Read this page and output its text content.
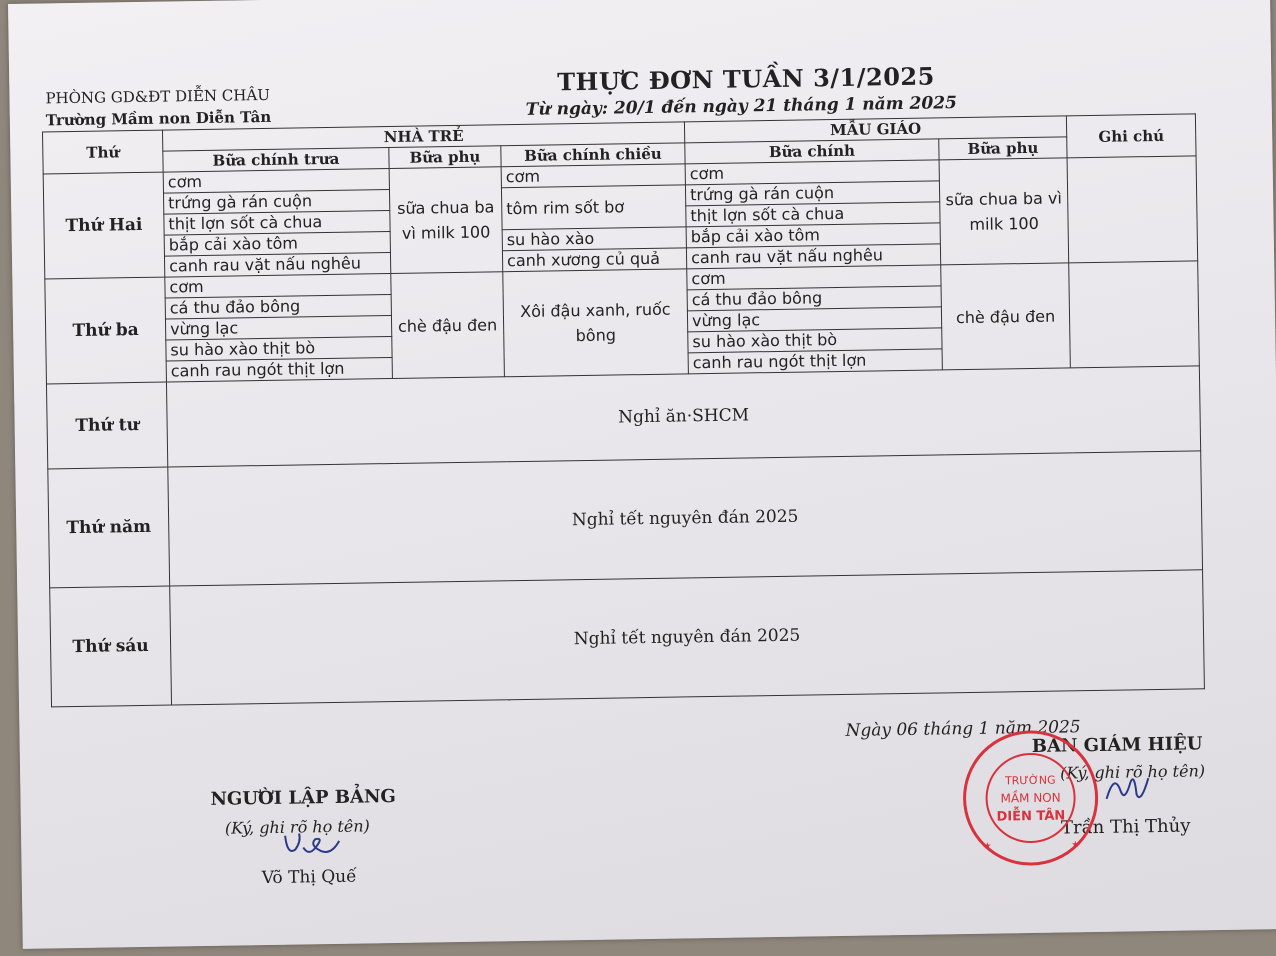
PHÒNG GD&ĐT DIỄN CHÂU
Trường Mầm non Diễn Tân
THỰC ĐƠN TUẦN 3/1/2025
Từ ngày: 20/1 đến ngày 21 tháng 1 năm 2025
Thứ	NHÀ TRẺ			MẪU GIÁO		Ghi chú
	Bữa chính trưa	Bữa phụ	Bữa chính chiều	Bữa chính	Bữa phụ	
Thứ Hai	cơm	sữa chua ba vì milk 100	cơm	cơm	sữa chua ba vì milk 100	
	trứng gà rán cuộn		tôm rim sốt bơ	trứng gà rán cuộn		
	thịt lợn sốt cà chua			thịt lợn sốt cà chua		
	bắp cải xào tôm		su hào xào	bắp cải xào tôm		
	canh rau vặt nấu nghêu		canh xương củ quả	canh rau vặt nấu nghêu		
Thứ ba	cơm	chè đậu đen	Xôi đậu xanh, ruốc bông	cơm	chè đậu đen	
	cá thu đảo bông			cá thu đảo bông		
	vừng lạc			vừng lạc		
	su hào xào thịt bò			su hào xào thịt bò		
	canh rau ngót thịt lợn			canh rau ngót thịt lợn		
Thứ tư	Nghỉ ăn·SHCM					
Thứ năm	Nghỉ tết nguyên đán 2025					
Thứ sáu	Nghỉ tết nguyên đán 2025					
Ngày 06 tháng 1 năm 2025
BAN GIÁM HIỆU
(Ký, ghi rõ họ tên)
Trần Thị Thủy
NGƯỜI LẬP BẢNG
(Ký, ghi rõ họ tên)
Võ Thị Quế
TRƯỜNG
MẦM NON
DIỄN TÂN
★	★
